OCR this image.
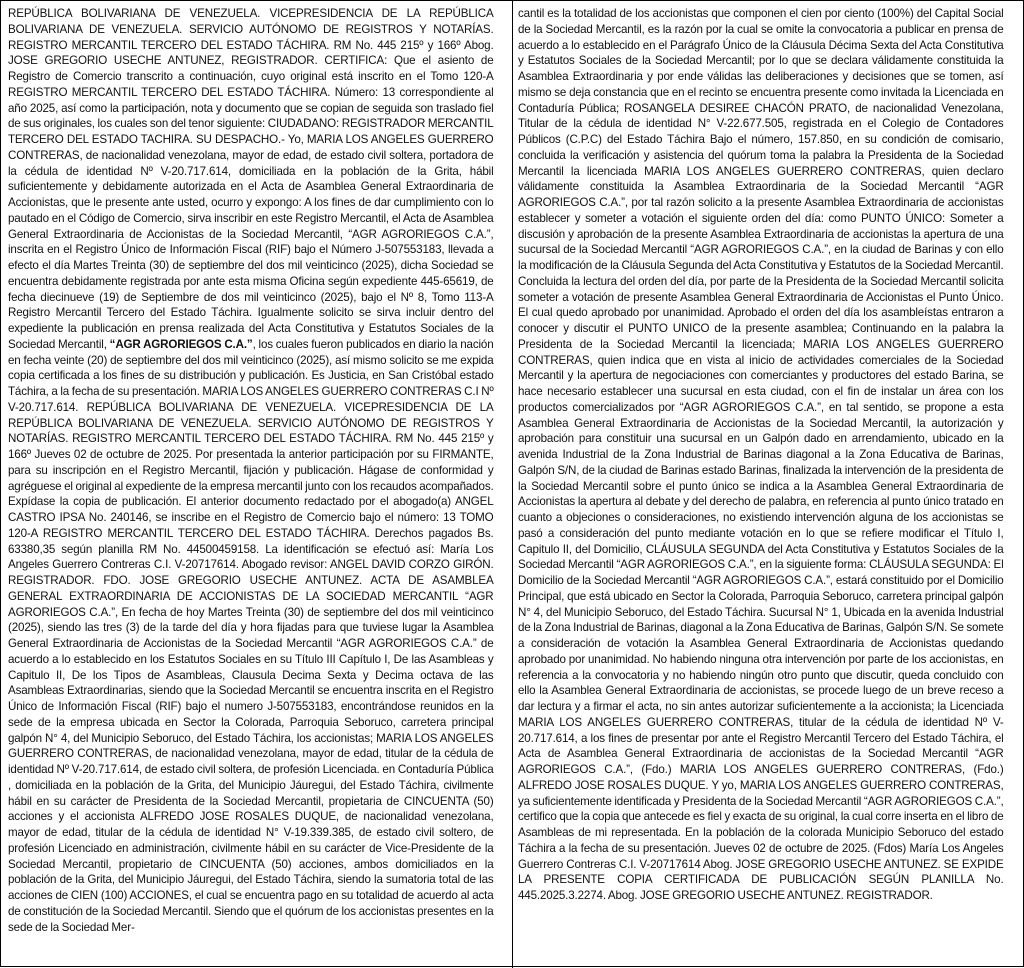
REPÚBLICA BOLIVARIANA DE VENEZUELA. VICEPRESIDENCIA DE LA REPÚBLICA BOLIVARIANA DE VENEZUELA. SERVICIO AUTÓNOMO DE REGISTROS Y NOTARÍAS. REGISTRO MERCANTIL TERCERO DEL ESTADO TÁCHIRA. RM No. 445 215º y 166º Abog. JOSE GREGORIO USECHE ANTUNEZ, REGISTRADOR. CERTIFICA: Que el asiento de Registro de Comercio transcrito a continuación, cuyo original está inscrito en el Tomo 120-A REGISTRO MERCANTIL TERCERO DEL ESTADO TÁCHIRA. Número: 13 correspondiente al año 2025, así como la participación, nota y documento que se copian de seguida son traslado fiel de sus originales, los cuales son del tenor siguiente: CIUDADANO: REGISTRADOR MERCANTIL TERCERO DEL ESTADO TACHIRA. SU DESPACHO.- Yo, MARIA LOS ANGELES GUERRERO CONTRERAS, de nacionalidad venezolana, mayor de edad, de estado civil soltera, portadora de la cédula de identidad Nº V-20.717.614, domiciliada en la población de la Grita, hábil suficientemente y debidamente autorizada en el Acta de Asamblea General Extraordinaria de Accionistas, que le presente ante usted, ocurro y expongo: A los fines de dar cumplimiento con lo pautado en el Código de Comercio, sirva inscribir en este Registro Mercantil, el Acta de Asamblea General Extraordinaria de Accionistas de la Sociedad Mercantil, “AGR AGRORIEGOS C.A.”, inscrita en el Registro Único de Información Fiscal (RIF) bajo el Número J-507553183, llevada a efecto el día Martes Treinta (30) de septiembre del dos mil veinticinco (2025), dicha Sociedad se encuentra debidamente registrada por ante esta misma Oficina según expediente 445-65619, de fecha diecinueve (19) de Septiembre de dos mil veinticinco (2025), bajo el Nº 8, Tomo 113-A Registro Mercantil Tercero del Estado Táchira. Igualmente solicito se sirva incluir dentro del expediente la publicación en prensa realizada del Acta Constitutiva y Estatutos Sociales de la Sociedad Mercantil, “AGR AGRORIEGOS C.A.”, los cuales fueron publicados en diario la nación en fecha veinte (20) de septiembre del dos mil veinticinco (2025), así mismo solicito se me expida copia certificada a los fines de su distribución y publicación. Es Justicia, en San Cristóbal estado Táchira, a la fecha de su presentación. MARIA LOS ANGELES GUERRERO CONTRERAS C.I Nº V-20.717.614. REPÚBLICA BOLIVARIANA DE VENEZUELA. VICEPRESIDENCIA DE LA REPÚBLICA BOLIVARIANA DE VENEZUELA. SERVICIO AUTÓNOMO DE REGISTROS Y NOTARÍAS. REGISTRO MERCANTIL TERCERO DEL ESTADO TÁCHIRA. RM No. 445 215º y 166º Jueves 02 de octubre de 2025. Por presentada la anterior participación por su FIRMANTE, para su inscripción en el Registro Mercantil, fijación y publicación. Hágase de conformidad y agréguese el original al expediente de la empresa mercantil junto con los recaudos acompañados. Expídase la copia de publicación. El anterior documento redactado por el abogado(a) ANGEL CASTRO IPSA No. 240146, se inscribe en el Registro de Comercio bajo el número: 13 TOMO 120-A REGISTRO MERCANTIL TERCERO DEL ESTADO TÁCHIRA. Derechos pagados Bs. 63380,35 según planilla RM No. 44500459158. La identificación se efectuó así: María Los Angeles Guerrero Contreras C.I. V-20717614. Abogado revisor: ANGEL DAVID CORZO GIRÓN. REGISTRADOR. FDO. JOSE GREGORIO USECHE ANTUNEZ. ACTA DE ASAMBLEA GENERAL EXTRAORDINARIA DE ACCIONISTAS DE LA SOCIEDAD MERCANTIL “AGR AGRORIEGOS C.A.”, En fecha de hoy Martes Treinta (30) de septiembre del dos mil veinticinco (2025), siendo las tres (3) de la tarde del día y hora fijadas para que tuviese lugar la Asamblea General Extraordinaria de Accionistas de la Sociedad Mercantil “AGR AGRORIEGOS C.A.” de acuerdo a lo establecido en los Estatutos Sociales en su Título III Capítulo I, De las Asambleas y Capitulo II, De los Tipos de Asambleas, Clausula Decima Sexta y Decima octava de las Asambleas Extraordinarias, siendo que la Sociedad Mercantil se encuentra inscrita en el Registro Único de Información Fiscal (RIF) bajo el numero J-507553183, encontrándose reunidos en la sede de la empresa ubicada en Sector la Colorada, Parroquia Seboruco, carretera principal galpón N° 4, del Municipio Seboruco, del Estado Táchira, los accionistas; MARIA LOS ANGELES GUERRERO CONTRERAS, de nacionalidad venezolana, mayor de edad, titular de la cédula de identidad Nº V-20.717.614, de estado civil soltera, de profesión Licenciada. en Contaduría Pública , domiciliada en la población de la Grita, del Municipio Jáuregui, del Estado Táchira, civilmente hábil en su carácter de Presidenta de la Sociedad Mercantil, propietaria de CINCUENTA (50) acciones y el accionista ALFREDO JOSE ROSALES DUQUE, de nacionalidad venezolana, mayor de edad, titular de la cédula de identidad N° V-19.339.385, de estado civil soltero, de profesión Licenciado en administración, civilmente hábil en su carácter de Vice-Presidente de la Sociedad Mercantil, propietario de CINCUENTA (50) acciones, ambos domiciliados en la población de la Grita, del Municipio Jáuregui, del Estado Táchira, siendo la sumatoria total de las acciones de CIEN (100) ACCIONES, el cual se encuentra pago en su totalidad de acuerdo al acta de constitución de la Sociedad Mercantil. Siendo que el quórum de los accionistas presentes en la sede de la Sociedad Mer-

cantil es la totalidad de los accionistas que componen el cien por ciento (100%) del Capital Social de la Sociedad Mercantil, es la razón por la cual se omite la convocatoria a publicar en prensa de acuerdo a lo establecido en el Parágrafo Único de la Cláusula Décima Sexta del Acta Constitutiva y Estatutos Sociales de la Sociedad Mercantil; por lo que se declara válidamente constituida la Asamblea Extraordinaria y por ende válidas las deliberaciones y decisiones que se tomen, así mismo se deja constancia que en el recinto se encuentra presente como invitada la Licenciada en Contaduría Pública; ROSANGELA DESIREE CHACÓN PRATO, de nacionalidad Venezolana, Titular de la cédula de identidad N° V-22.677.505, registrada en el Colegio de Contadores Públicos (C.P.C) del Estado Táchira Bajo el número, 157.850, en su condición de comisario, concluida la verificación y asistencia del quórum toma la palabra la Presidenta de la Sociedad Mercantil la licenciada MARIA LOS ANGELES GUERRERO CONTRERAS, quien declaro válidamente constituida la Asamblea Extraordinaria de la Sociedad Mercantil “AGR AGRORIEGOS C.A.”, por tal razón solicito a la presente Asamblea Extraordinaria de accionistas establecer y someter a votación el siguiente orden del día: como PUNTO ÚNICO: Someter a discusión y aprobación de la presente Asamblea Extraordinaria de accionistas la apertura de una sucursal de la Sociedad Mercantil “AGR AGRORIEGOS C.A.”, en la ciudad de Barinas y con ello la modificación de la Cláusula Segunda del Acta Constitutiva y Estatutos de la Sociedad Mercantil. Concluida la lectura del orden del día, por parte de la Presidenta de la Sociedad Mercantil solicita someter a votación de presente Asamblea General Extraordinaria de Accionistas el Punto Único. El cual quedo aprobado por unanimidad. Aprobado el orden del día los asambleístas entraron a conocer y discutir el PUNTO UNICO de la presente asamblea; Continuando en la palabra la Presidenta de la Sociedad Mercantil la licenciada; MARIA LOS ANGELES GUERRERO CONTRERAS, quien indica que en vista al inicio de actividades comerciales de la Sociedad Mercantil y la apertura de negociaciones con comerciantes y productores del estado Barina, se hace necesario establecer una sucursal en esta ciudad, con el fin de instalar un área con los productos comercializados por “AGR AGRORIEGOS C.A.”, en tal sentido, se propone a esta Asamblea General Extraordinaria de Accionistas de la Sociedad Mercantil, la autorización y aprobación para constituir una sucursal en un Galpón dado en arrendamiento, ubicado en la avenida Industrial de la Zona Industrial de Barinas diagonal a la Zona Educativa de Barinas, Galpón S/N, de la ciudad de Barinas estado Barinas, finalizada la intervención de la presidenta de la Sociedad Mercantil sobre el punto único se indica a la Asamblea General Extraordinaria de Accionistas la apertura al debate y del derecho de palabra, en referencia al punto único tratado en cuanto a objeciones o consideraciones, no existiendo intervención alguna de los accionistas se pasó a consideración del punto mediante votación en lo que se refiere modificar el Título I, Capitulo II, del Domicilio, CLÁUSULA SEGUNDA del Acta Constitutiva y Estatutos Sociales de la Sociedad Mercantil “AGR AGRORIEGOS C.A.”, en la siguiente forma: CLÁUSULA SEGUNDA: El Domicilio de la Sociedad Mercantil “AGR AGRORIEGOS C.A.”, estará constituido por el Domicilio Principal, que está ubicado en Sector la Colorada, Parroquia Seboruco, carretera principal galpón N° 4, del Municipio Seboruco, del Estado Táchira. Sucursal N° 1, Ubicada en la avenida Industrial de la Zona Industrial de Barinas, diagonal a la Zona Educativa de Barinas, Galpón S/N. Se somete a consideración de votación la Asamblea General Extraordinaria de Accionistas quedando aprobado por unanimidad. No habiendo ninguna otra intervención por parte de los accionistas, en referencia a la convocatoria y no habiendo ningún otro punto que discutir, queda concluido con ello la Asamblea General Extraordinaria de accionistas, se procede luego de un breve receso a dar lectura y a firmar el acta, no sin antes autorizar suficientemente a la accionista; la Licenciada MARIA LOS ANGELES GUERRERO CONTRERAS, titular de la cédula de identidad Nº V-20.717.614, a los fines de presentar por ante el Registro Mercantil Tercero del Estado Táchira, el Acta de Asamblea General Extraordinaria de accionistas de la Sociedad Mercantil “AGR AGRORIEGOS C.A.”, (Fdo.) MARIA LOS ANGELES GUERRERO CONTRERAS, (Fdo.) ALFREDO JOSE ROSALES DUQUE. Y yo, MARIA LOS ANGELES GUERRERO CONTRERAS, ya suficientemente identificada y Presidenta de la Sociedad Mercantil “AGR AGRORIEGOS C.A.”, certifico que la copia que antecede es fiel y exacta de su original, la cual corre inserta en el libro de Asambleas de mi representada. En la población de la colorada Municipio Seboruco del estado Táchira a la fecha de su presentación. Jueves 02 de octubre de 2025. (Fdos) María Los Angeles Guerrero Contreras C.I. V-20717614 Abog. JOSE GREGORIO USECHE ANTUNEZ. SE EXPIDE LA PRESENTE COPIA CERTIFICADA DE PUBLICACIÓN SEGÚN PLANILLA No. 445.2025.3.2274. Abog. JOSE GREGORIO USECHE ANTUNEZ. REGISTRADOR.
